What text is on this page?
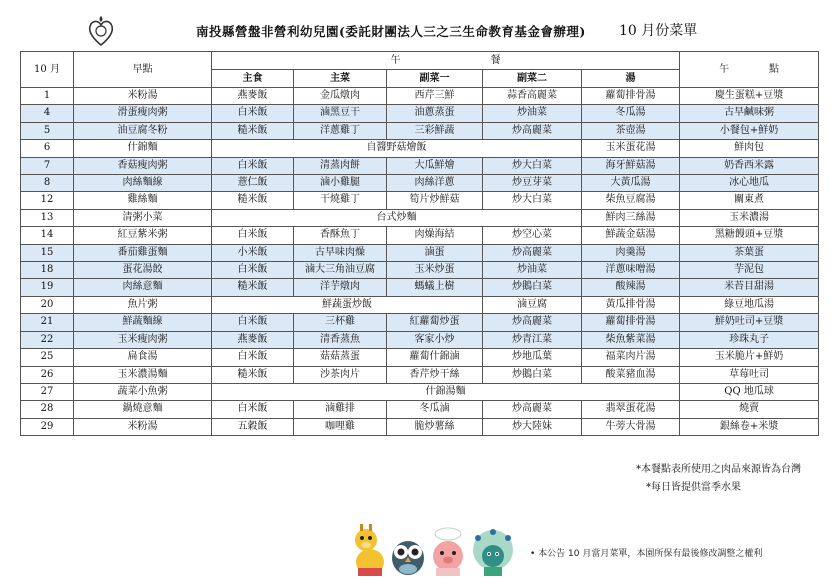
南投縣營盤非營利幼兒園(委託財團法人三之三生命教育基金會辦理) 10 月份菜單
10 月	早點	午　　　　　　　　　餐					午　　　　點
		主食	主菜	副菜一	副菜二	湯	
1	米粉湯	燕麥飯	金瓜燉肉	西芹三鮮	蒜香高麗菜	蘿蔔排骨湯	慶生蛋糕+豆漿
4	滑蛋瘦肉粥	白米飯	滷黑豆干	油蔥蒸蛋	炒油菜	冬瓜湯	古早鹹味粥
5	油豆腐冬粉	糙米飯	洋蔥雞丁	三彩鮮蔬	炒高麗菜	茶壺湯	小餐包+鮮奶
6	什錦麵	自醬野菇燴飯				玉米蛋花湯	鮮肉包
7	香菇瘦肉粥	白米飯	清蒸肉餅	大瓜鮮燴	炒大白菜	海牙鮮菇湯	奶香西米露
8	肉絲麵線	薏仁飯	滷小雞腿	肉絲洋蔥	炒豆芽菜	大黃瓜湯	冰心地瓜
12	雞絲麵	糙米飯	干燒雞丁	筍片炒鮮菇	炒大白菜	柴魚豆腐湯	關東煮
13	清粥小菜	台式炒麵				鮮肉三絲湯	玉米濃湯
14	紅豆紫米粥	白米飯	香酥魚丁	肉燥海結	炒空心菜	鮮蔬金菇湯	黑糖饅頭+豆漿
15	番茄雞蛋麵	小米飯	古早味肉燥	滷蛋	炒高麗菜	肉羹湯	茶葉蛋
18	蛋花湯餃	白米飯	滷大三角油豆腐	玉米炒蛋	炒油菜	洋蔥味噌湯	芋泥包
19	肉絲意麵	糙米飯	洋芋燉肉	螞蟻上樹	炒鵝白菜	酸辣湯	米苔目甜湯
20	魚片粥	鮮蔬蛋炒飯			滷豆腐	黃瓜排骨湯	綠豆地瓜湯
21	鮮蔬麵線	白米飯	三杯雞	紅蘿蔔炒蛋	炒高麗菜	蘿蔔排骨湯	鮮奶吐司+豆漿
22	玉米瘦肉粥	燕麥飯	清香蒸魚	客家小炒	炒青江菜	柴魚紫菜湯	珍珠丸子
25	扁食湯	白米飯	菇菇蒸蛋	蘿蔔什錦滷	炒地瓜葉	福菜肉片湯	玉米脆片+鮮奶
26	玉米濃湯麵	糙米飯	沙茶肉片	香芹炒干絲	炒鵝白菜	酸菜豬血湯	草莓吐司
27	蔬菜小魚粥	什錦湯麵					QQ 地瓜球
28	鍋燒意麵	白米飯	滷雞排	冬瓜滷	炒高麗菜	翡翠蛋花湯	燒賣
29	米粉湯	五穀飯	咖哩雞	脆炒薯絲	炒大陸妹	牛蒡大骨湯	銀絲卷+米漿
*本餐點表所使用之肉品來源皆為台灣
*每日皆提供當季水果
• 本公告 10 月當月菜單，本園所保有最後修改調整之權利
